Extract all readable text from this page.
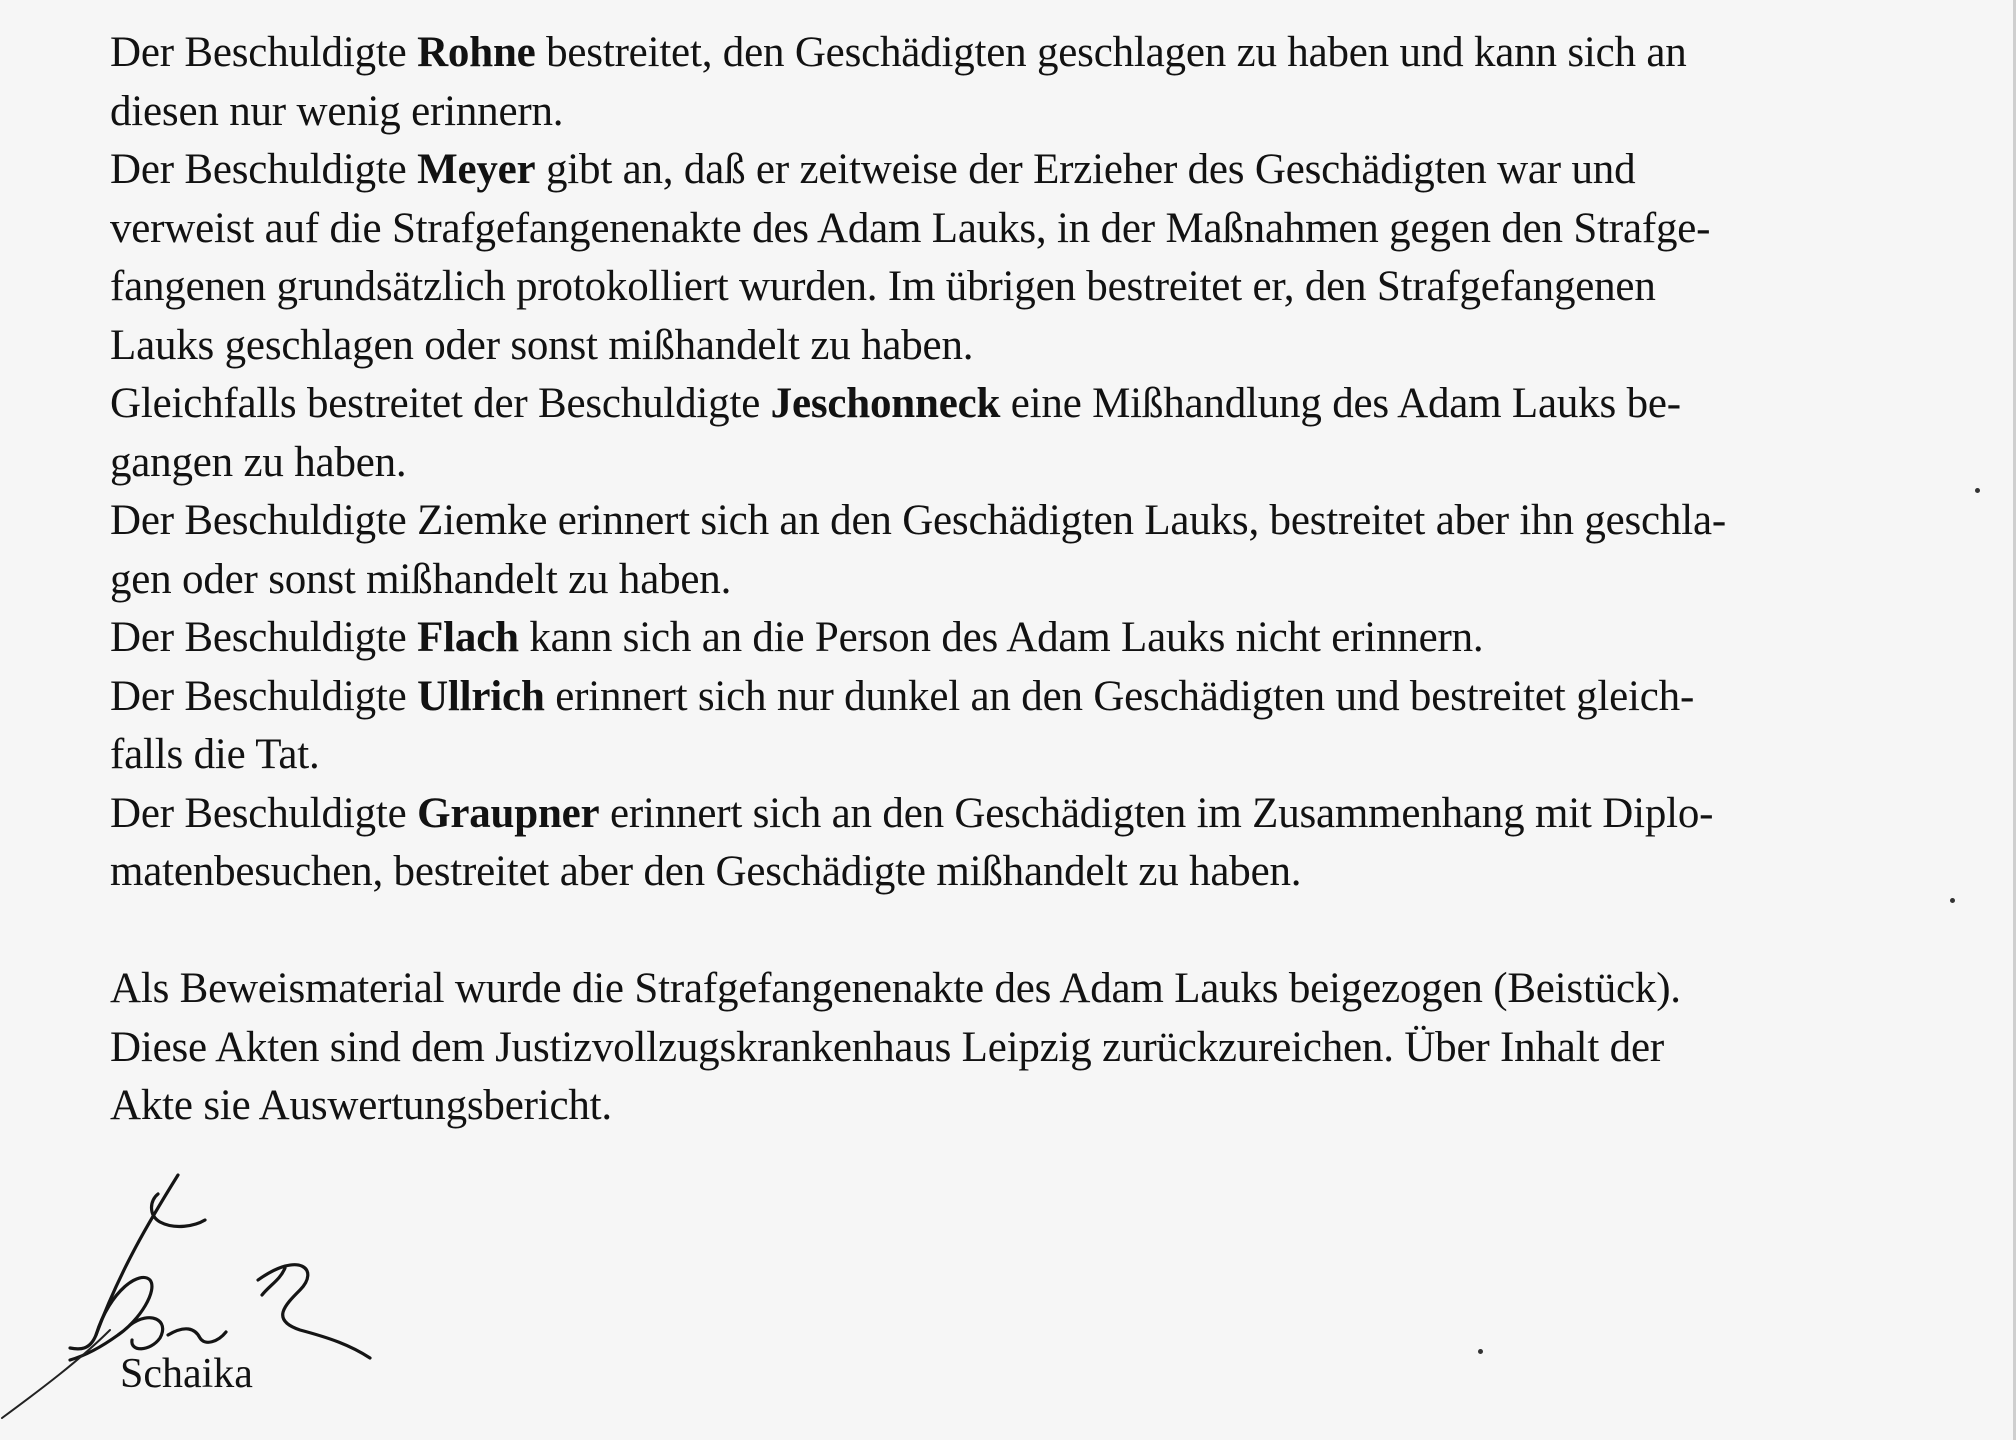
Der Beschuldigte Rohne bestreitet, den Geschädigten geschlagen zu haben und kann sich an
diesen nur wenig erinnern.
Der Beschuldigte Meyer gibt an, daß er zeitweise der Erzieher des Geschädigten war und
verweist auf die Strafgefangenenakte des Adam Lauks, in der Maßnahmen gegen den Strafge-
fangenen grundsätzlich protokolliert wurden. Im übrigen bestreitet er, den Strafgefangenen
Lauks geschlagen oder sonst mißhandelt zu haben.
Gleichfalls bestreitet der Beschuldigte Jeschonneck eine Mißhandlung des Adam Lauks be-
gangen zu haben.
Der Beschuldigte Ziemke erinnert sich an den Geschädigten Lauks, bestreitet aber ihn geschla-
gen oder sonst mißhandelt zu haben.
Der Beschuldigte Flach kann sich an die Person des Adam Lauks nicht erinnern.
Der Beschuldigte Ullrich erinnert sich nur dunkel an den Geschädigten und bestreitet gleich-
falls die Tat.
Der Beschuldigte Graupner erinnert sich an den Geschädigten im Zusammenhang mit Diplo-
matenbesuchen, bestreitet aber den Geschädigte mißhandelt zu haben.
Als Beweismaterial wurde die Strafgefangenenakte des Adam Lauks beigezogen (Beistück).
Diese Akten sind dem Justizvollzugskrankenhaus Leipzig zurückzureichen. Über Inhalt der
Akte sie Auswertungsbericht.
Schaika
